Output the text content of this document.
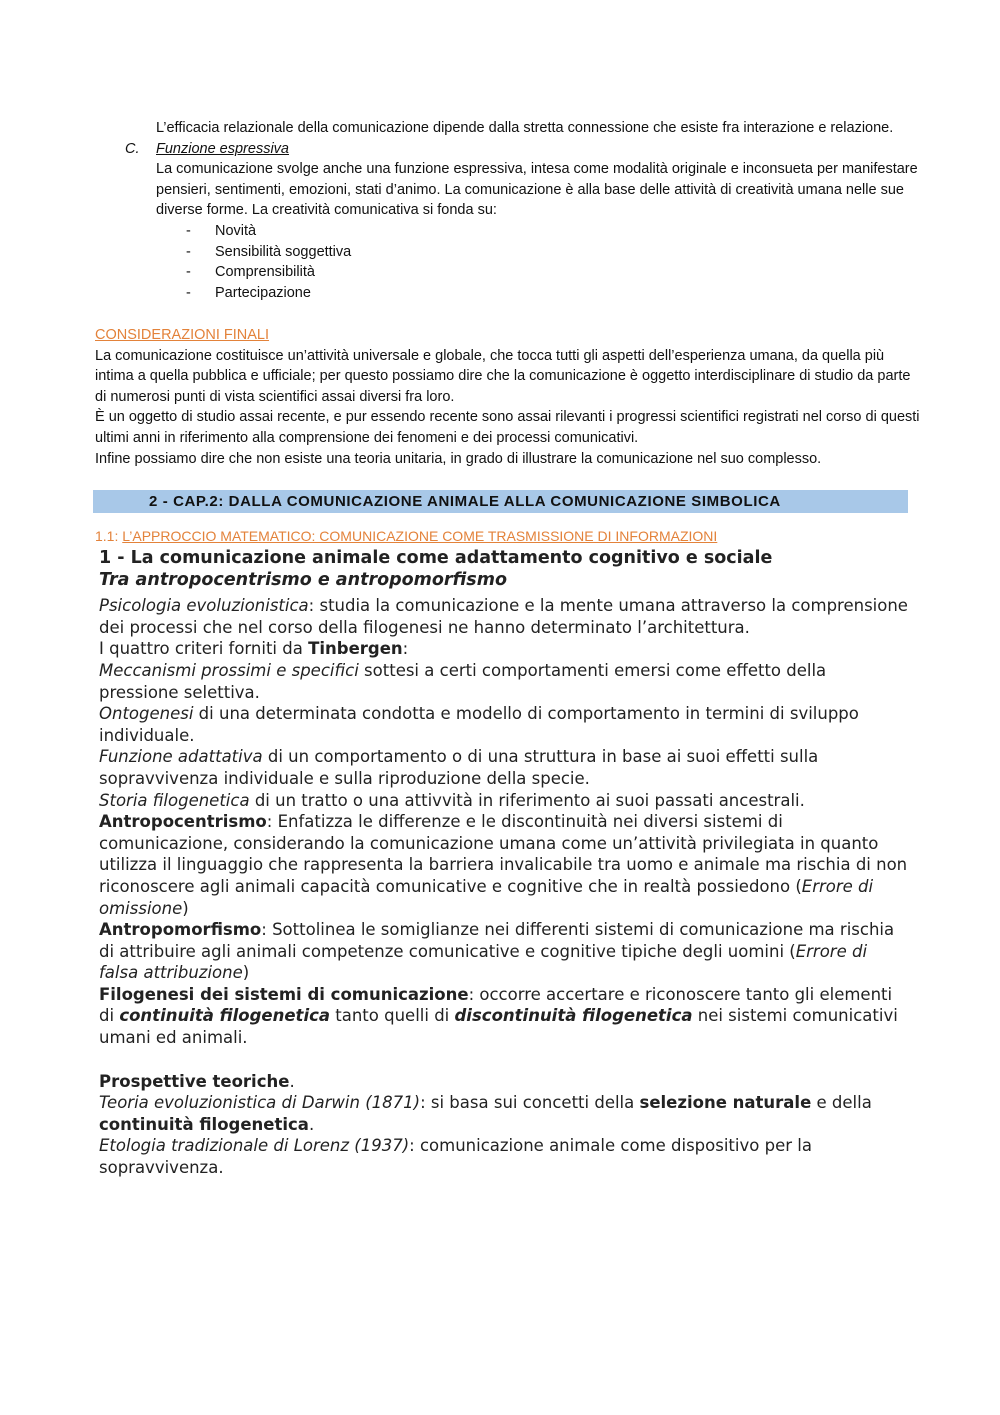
L’efficacia relazionale della comunicazione dipende dalla stretta connessione che esiste fra interazione e relazione.
C. Funzione espressiva
La comunicazione svolge anche una funzione espressiva, intesa come modalità originale e inconsueta per manifestare pensieri, sentimenti, emozioni, stati d’animo. La comunicazione è alla base delle attività di creatività umana nelle sue diverse forme. La creatività comunicativa si fonda su:
- Novità
- Sensibilità soggettiva
- Comprensibilità
- Partecipazione
CONSIDERAZIONI FINALI
La comunicazione costituisce un’attività universale e globale, che tocca tutti gli aspetti dell’esperienza umana, da quella più intima a quella pubblica e ufficiale; per questo possiamo dire che la comunicazione è oggetto interdisciplinare di studio da parte di numerosi punti di vista scientifici assai diversi fra loro.
È un oggetto di studio assai recente, e pur essendo recente sono assai rilevanti i progressi scientifici registrati nel corso di questi ultimi anni in riferimento alla comprensione dei fenomeni e dei processi comunicativi.
Infine possiamo dire che non esiste una teoria unitaria, in grado di illustrare la comunicazione nel suo complesso.
2 - CAP.2: DALLA COMUNICAZIONE ANIMALE ALLA COMUNICAZIONE SIMBOLICA
1.1: L’APPROCCIO MATEMATICO: COMUNICAZIONE COME TRASMISSIONE DI INFORMAZIONI

1 - La comunicazione animale come adattamento cognitivo e sociale

Tra antropocentrismo e antropomorfismo

Psicologia evoluzionistica: studia la comunicazione e la mente umana attraverso la comprensione dei processi che nel corso della filogenesi ne hanno determinato l’architettura.

I quattro criteri forniti da Tinbergen:

Meccanismi prossimi e specifici sottesi a certi comportamenti emersi come effetto della pressione selettiva.

Ontogenesi di una determinata condotta e modello di comportamento in termini di sviluppo individuale.

Funzione adattativa di un comportamento o di una struttura in base ai suoi effetti sulla sopravvivenza individuale e sulla riproduzione della specie.

Storia filogenetica di un tratto o una attivvità in riferimento ai suoi passati ancestrali.

Antropocentrismo: Enfatizza le differenze e le discontinuità nei diversi sistemi di comunicazione, considerando la comunicazione umana come un’attività privilegiata in quanto utilizza il linguaggio che rappresenta la barriera invalicabile tra uomo e animale ma rischia di non riconoscere agli animali capacità comunicative e cognitive che in realtà possiedono (Errore di omissione)

Antropomorfismo: Sottolinea le somiglianze nei differenti sistemi di comunicazione ma rischia di attribuire agli animali competenze comunicative e cognitive tipiche degli uomini (Errore di falsa attribuzione)

Filogenesi dei sistemi di comunicazione: occorre accertare e riconoscere tanto gli elementi di continuità filogenetica tanto quelli di discontinuità filogenetica nei sistemi comunicativi umani ed animali.

Prospettive teoriche.

Teoria evoluzionistica di Darwin (1871): si basa sui concetti della selezione naturale e della continuità filogenetica.

Etologia tradizionale di Lorenz (1937): comunicazione animale come dispositivo per la sopravvivenza.
